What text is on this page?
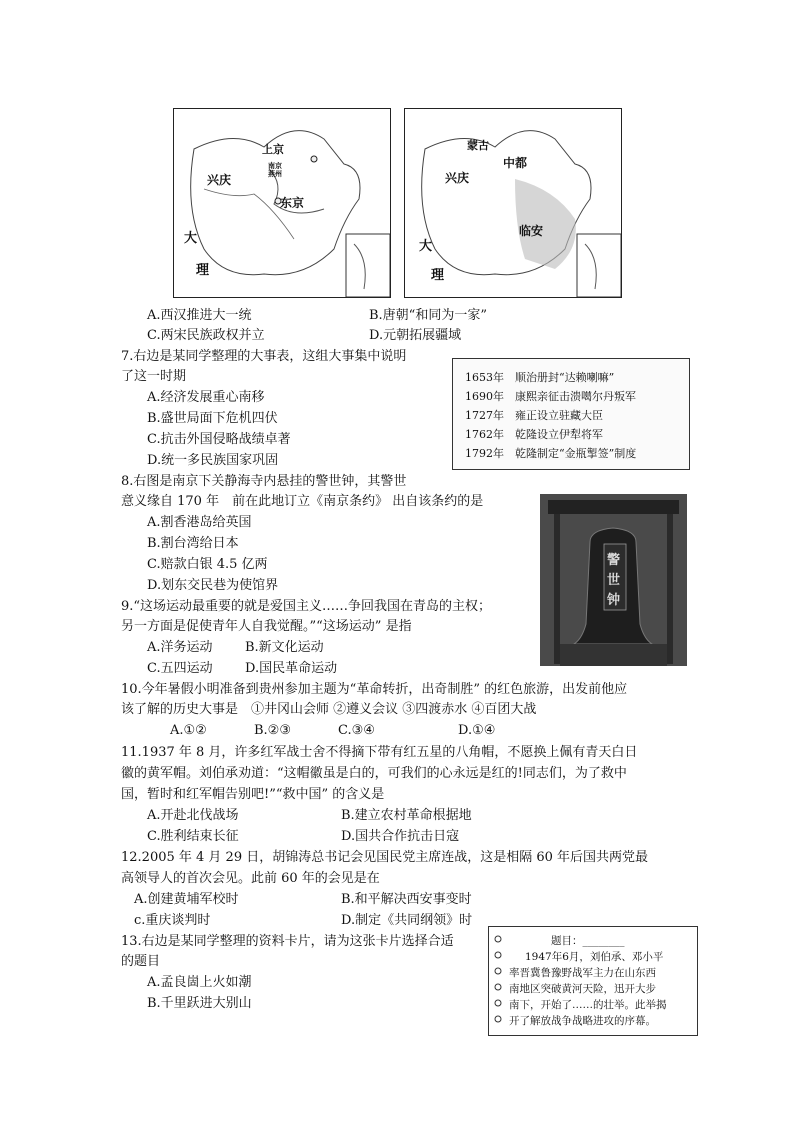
上京
南京
燕州
兴庆
东京
大
理
蒙古
中都
兴庆
临安
大
理
A.西汉推进大一统	B.唐朝“和同为一家”
C.两宋民族政权并立	D.元朝拓展疆域
7.右边是某同学整理的大事表，这组大事集中说明
了这一时期
A.经济发展重心南移
B.盛世局面下危机四伏
C.抗击外国侵略战绩卓著
D.统一多民族国家巩固
1653年　顺治册封“达赖喇嘛”
1690年　康熙亲征击溃噶尔丹叛军
1727年　雍正设立驻藏大臣
1762年　乾隆设立伊犁将军
1792年　乾隆制定“金瓶掣签”制度
8.右图是南京下关静海寺内悬挂的警世钟，其警世
意义缘自 170 年　前在此地订立《南京条约》 出自该条约的是
A.割香港岛给英国
B.割台湾给日本
C.赔款白银 4.5 亿两
D.划东交民巷为使馆界
警
世
钟
9.“这场运动最重要的就是爱国主义……争回我国在青岛的主权；
另一方面是促使青年人自我觉醒。”“这场运动” 是指
A.洋务运动 B.新文化运动
C.五四运动 D.国民革命运动
10.今年暑假小明准备到贵州参加主题为“革命转折，出奇制胜” 的红色旅游，出发前他应
该了解的历史大事是　①井冈山会师 ②遵义会议 ③四渡赤水 ④百团大战
A.①②	B.②③	C.③④	D.①④
11.1937 年 8 月，许多红军战士舍不得摘下带有红五星的八角帽，不愿换上佩有青天白日
徽的黄军帽。刘伯承劝道：“这帽徽虽是白的，可我们的心永远是红的!同志们，为了救中
国，暂时和红军帽告别吧!”“救中国” 的含义是
A.开赴北伐战场	B.建立农村革命根据地
C.胜利结束长征	D.国共合作抗击日寇
12.2005 年 4 月 29 日，胡锦涛总书记会见国民党主席连战，这是相隔 60 年后国共两党最
高领导人的首次会见。此前 60 年的会见是在
A.创建黄埔军校时	B.和平解决西安事变时
c.重庆谈判时	D.制定《共同纲领》时
13.右边是某同学整理的资料卡片，请为这张卡片选择合适
的题目
A.孟良崮上火如潮
B.千里跃进大别山
题目：________
1947年6月，刘伯承、邓小平
率晋冀鲁豫野战军主力在山东西
南地区突破黄河天险，迅开大步
南下，开始了……的壮举。此举揭
开了解放战争战略进攻的序幕。
